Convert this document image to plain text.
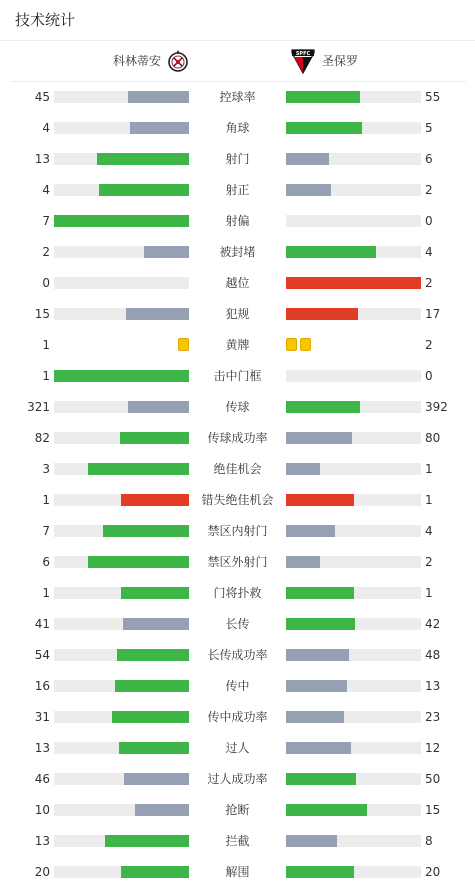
技术统计
科林蒂安	SPFC 圣保罗
45	控球率	55
4	角球	5
13	射门	6
4	射正	2
7	射偏	0
2	被封堵	4
0	越位	2
15	犯规	17
1	黄牌	2
1	击中门框	0
321	传球	392
82	传球成功率	80
3	绝佳机会	1
1	错失绝佳机会	1
7	禁区内射门	4
6	禁区外射门	2
1	门将扑救	1
41	长传	42
54	长传成功率	48
16	传中	13
31	传中成功率	23
13	过人	12
46	过人成功率	50
10	抢断	15
13	拦截	8
20	解围	20
